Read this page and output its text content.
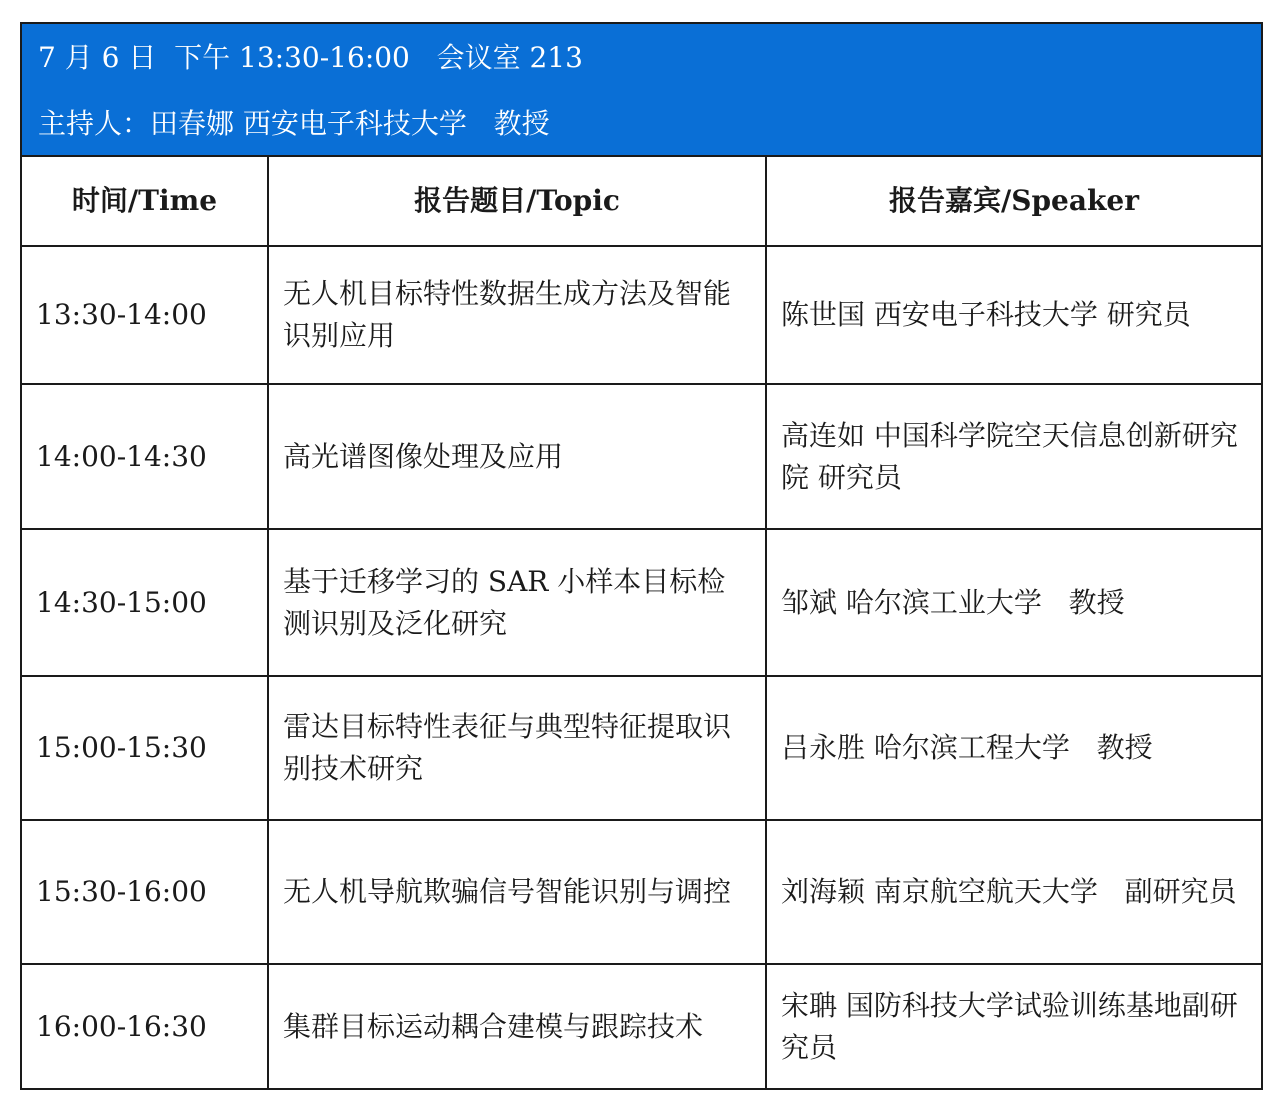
7 月 6 日  下午 13:30-16:00   会议室 213
主持人：田春娜 西安电子科技大学   教授
时间/Time	报告题目/Topic	报告嘉宾/Speaker
13:30-14:00	无人机目标特性数据生成方法及智能识别应用	陈世国 西安电子科技大学 研究员
14:00-14:30	高光谱图像处理及应用	高连如 中国科学院空天信息创新研究院 研究员
14:30-15:00	基于迁移学习的 SAR 小样本目标检测识别及泛化研究	邹斌 哈尔滨工业大学   教授
15:00-15:30	雷达目标特性表征与典型特征提取识别技术研究	吕永胜 哈尔滨工程大学   教授
15:30-16:00	无人机导航欺骗信号智能识别与调控	刘海颖 南京航空航天大学   副研究员
16:00-16:30	集群目标运动耦合建模与跟踪技术	宋聃 国防科技大学试验训练基地副研究员
